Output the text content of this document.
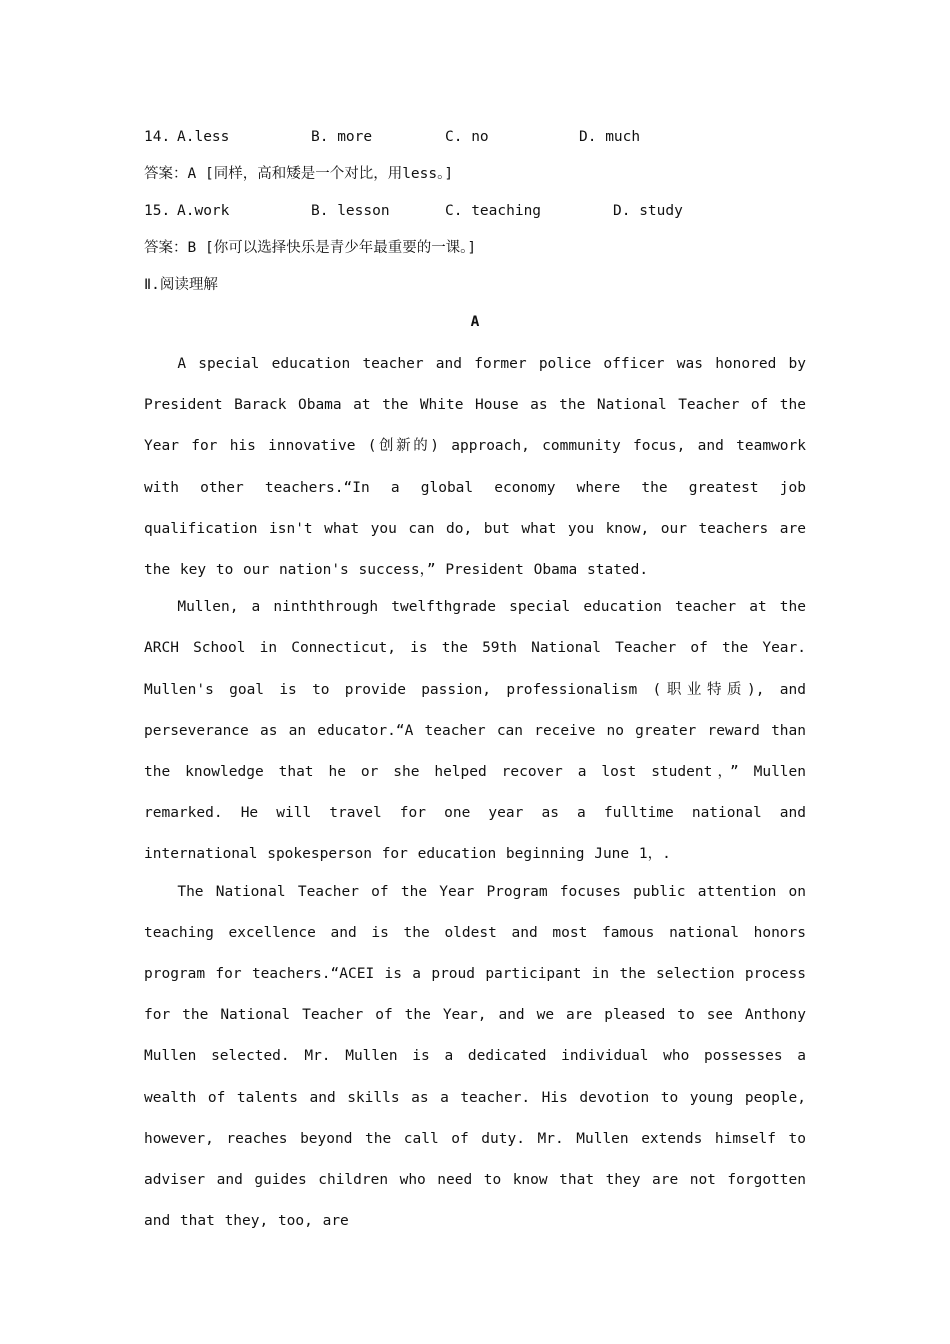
14. A.less	B. more	C. no	D. much
答案：A [同样，高和矮是一个对比，用less。]
15. A.work	B. lesson	C. teaching	D. study
答案：B [你可以选择快乐是青少年最重要的一课。]
Ⅱ.阅读理解
A

A special education teacher and former police officer was honored by President Barack Obama at the White House as the National Teacher of the Year for his innovative (创新的) approach, community focus, and teamwork with other teachers.“In a global economy where the greatest job qualification isn't what you can do, but what you know, our teachers are the key to our nation's success，” President Obama stated.

Mullen, a ninththrough twelfthgrade special education teacher at the ARCH School in Connecticut, is the 59th National Teacher of the Year. Mullen's goal is to provide passion, professionalism (职业特质), and perseverance as an educator.“A teacher can receive no greater reward than the knowledge that he or she helped recover a lost student，” Mullen remarked. He will travel for one year as a fulltime national and international spokesperson for education beginning June 1，.

The National Teacher of the Year Program focuses public attention on teaching excellence and is the oldest and most famous national honors program for teachers.“ACEI is a proud participant in the selection process for the National Teacher of the Year, and we are pleased to see Anthony Mullen selected. Mr. Mullen is a dedicated individual who possesses a wealth of talents and skills as a teacher. His devotion to young people, however, reaches beyond the call of duty. Mr. Mullen extends himself to adviser and guides children who need to know that they are not forgotten and that they, too, are
